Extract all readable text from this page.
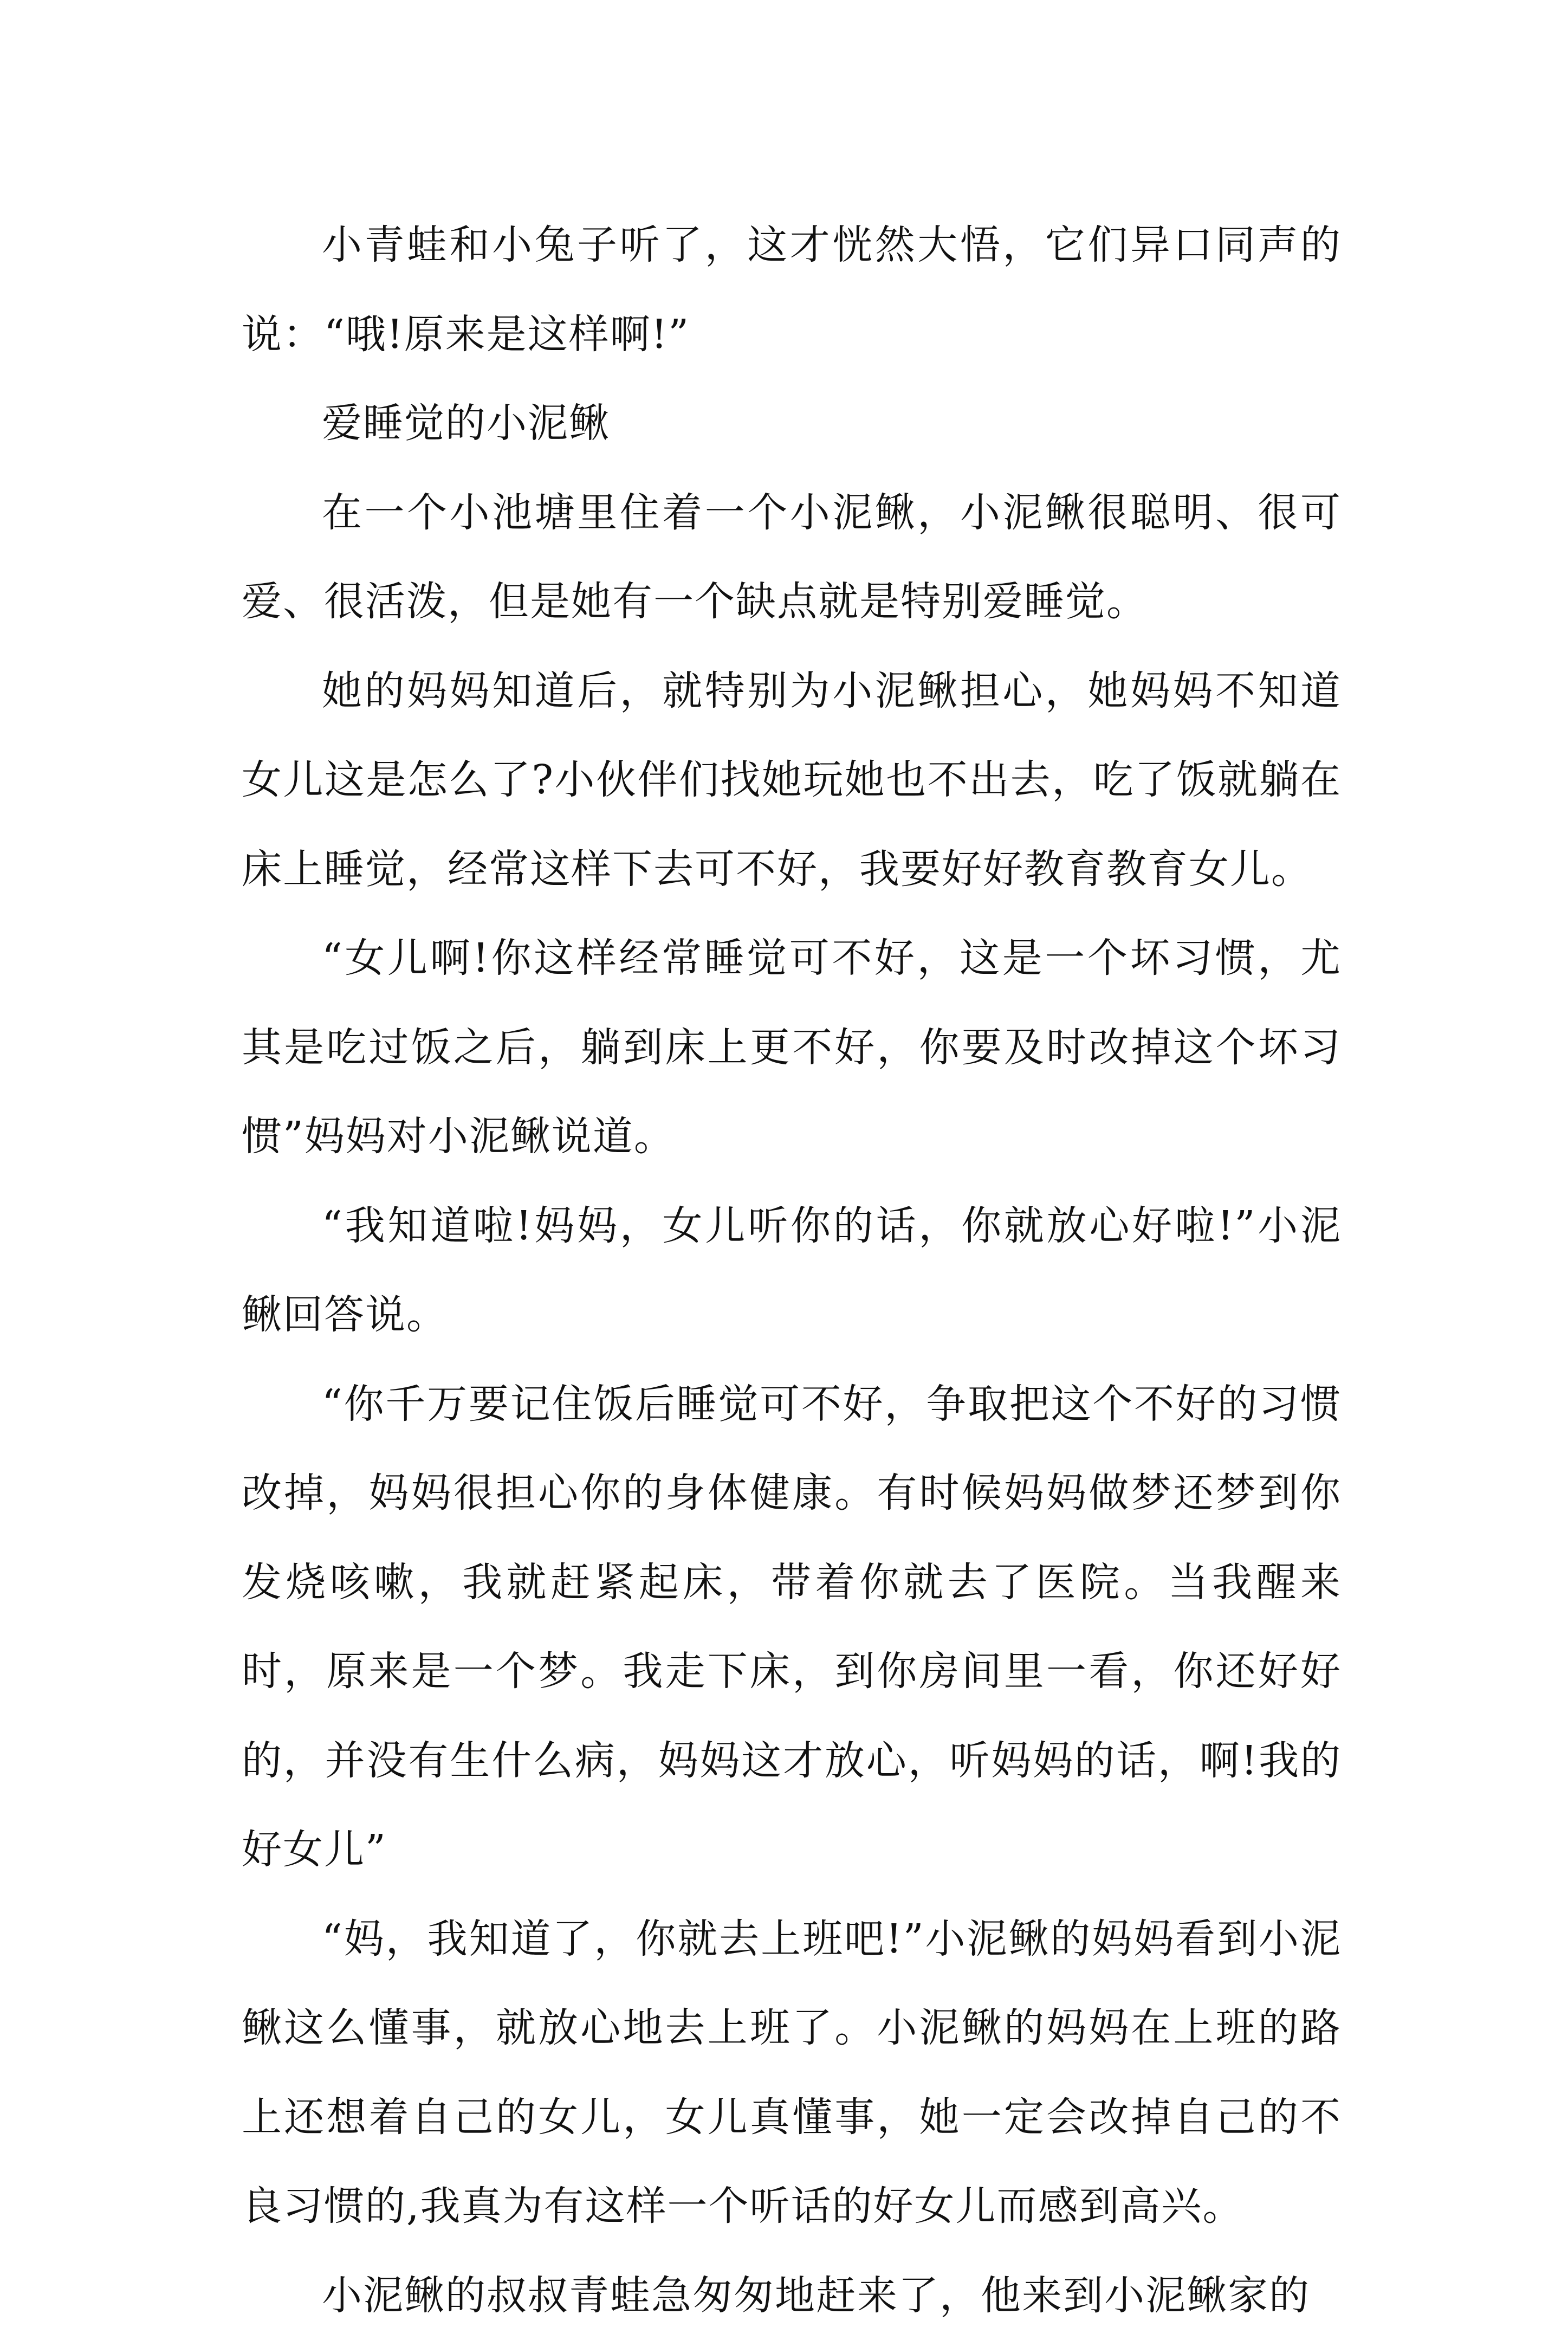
小青蛙和小兔子听了，这才恍然大悟，它们异口同声的说：“哦!原来是这样啊!”

爱睡觉的小泥鳅

在一个小池塘里住着一个小泥鳅，小泥鳅很聪明、很可爱、很活泼，但是她有一个缺点就是特别爱睡觉。

她的妈妈知道后，就特别为小泥鳅担心，她妈妈不知道女儿这是怎么了?小伙伴们找她玩她也不出去，吃了饭就躺在床上睡觉，经常这样下去可不好，我要好好教育教育女儿。

“女儿啊!你这样经常睡觉可不好，这是一个坏习惯，尤其是吃过饭之后，躺到床上更不好，你要及时改掉这个坏习惯”妈妈对小泥鳅说道。

“我知道啦!妈妈，女儿听你的话，你就放心好啦!”小泥鳅回答说。

“你千万要记住饭后睡觉可不好，争取把这个不好的习惯改掉，妈妈很担心你的身体健康。有时候妈妈做梦还梦到你发烧咳嗽，我就赶紧起床，带着你就去了医院。当我醒来时，原来是一个梦。我走下床，到你房间里一看，你还好好的，并没有生什么病，妈妈这才放心，听妈妈的话，啊!我的好女儿”

“妈，我知道了，你就去上班吧!”小泥鳅的妈妈看到小泥鳅这么懂事，就放心地去上班了。小泥鳅的妈妈在上班的路上还想着自己的女儿，女儿真懂事，她一定会改掉自己的不良习惯的,我真为有这样一个听话的好女儿而感到高兴。

小泥鳅的叔叔青蛙急匆匆地赶来了，他来到小泥鳅家的
